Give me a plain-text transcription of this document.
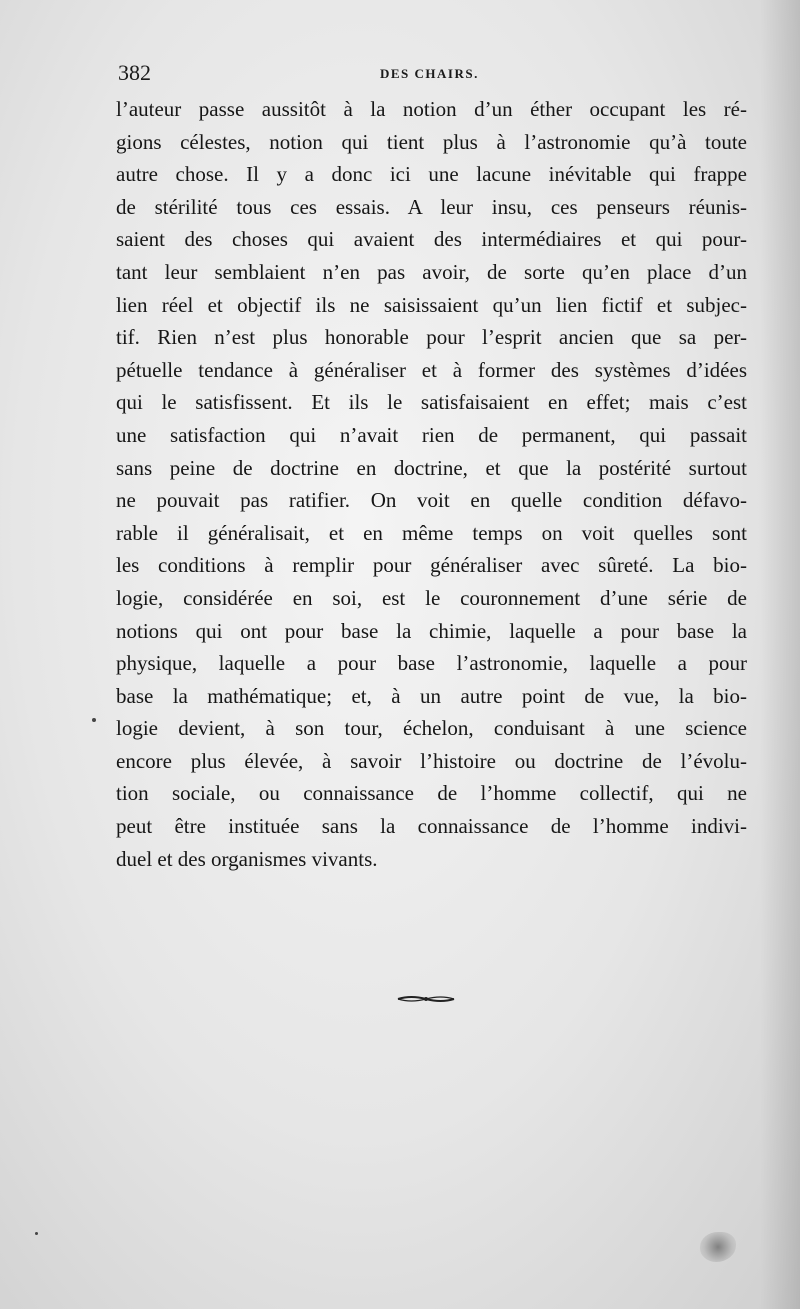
382	DES CHAIRS.
l’auteur passe aussitôt à la notion d’un éther occupant les ré-
gions célestes, notion qui tient plus à l’astronomie qu’à toute
autre chose. Il y a donc ici une lacune inévitable qui frappe
de stérilité tous ces essais. A leur insu, ces penseurs réunis-
saient des choses qui avaient des intermédiaires et qui pour-
tant leur semblaient n’en pas avoir, de sorte qu’en place d’un
lien réel et objectif ils ne saisissaient qu’un lien fictif et subjec-
tif. Rien n’est plus honorable pour l’esprit ancien que sa per-
pétuelle tendance à généraliser et à former des systèmes d’idées
qui le satisfissent. Et ils le satisfaisaient en effet; mais c’est
une satisfaction qui n’avait rien de permanent, qui passait
sans peine de doctrine en doctrine, et que la postérité surtout
ne pouvait pas ratifier. On voit en quelle condition défavo-
rable il généralisait, et en même temps on voit quelles sont
les conditions à remplir pour généraliser avec sûreté. La bio-
logie, considérée en soi, est le couronnement d’une série de
notions qui ont pour base la chimie, laquelle a pour base la
physique, laquelle a pour base l’astronomie, laquelle a pour
base la mathématique; et, à un autre point de vue, la bio-
logie devient, à son tour, échelon, conduisant à une science
encore plus élevée, à savoir l’histoire ou doctrine de l’évolu-
tion sociale, ou connaissance de l’homme collectif, qui ne
peut être instituée sans la connaissance de l’homme indivi-
duel et des organismes vivants.
